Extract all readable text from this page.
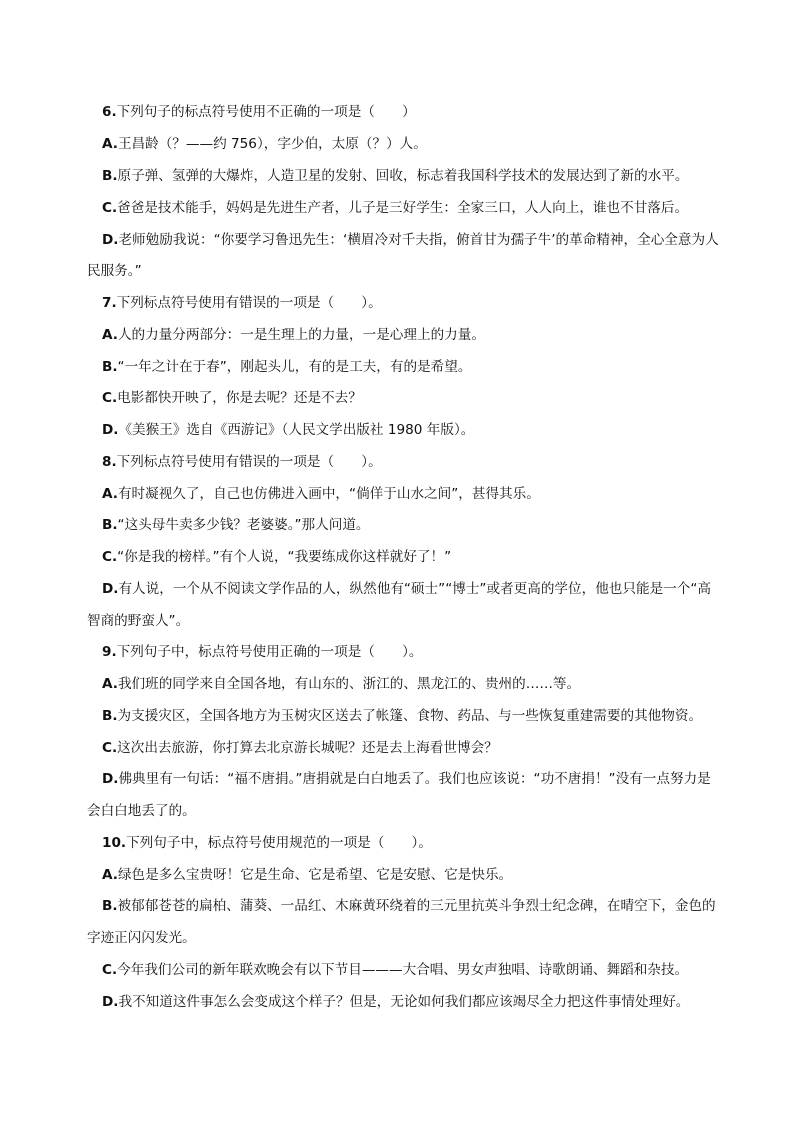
6.下列句子的标点符号使用不正确的一项是（　　）
A.王昌龄（？——约 756），字少伯，太原（？）人。
B.原子弹、氢弹的大爆炸，人造卫星的发射、回收，标志着我国科学技术的发展达到了新的水平。
C.爸爸是技术能手，妈妈是先进生产者，儿子是三好学生：全家三口，人人向上，谁也不甘落后。
D.老师勉励我说：“你要学习鲁迅先生：‘横眉冷对千夫指，俯首甘为孺子牛’的革命精神，全心全意为人
民服务。”
7.下列标点符号使用有错误的一项是（　　）。
A.人的力量分两部分：一是生理上的力量，一是心理上的力量。
B.“一年之计在于春”，刚起头儿，有的是工夫，有的是希望。
C.电影都快开映了，你是去呢？还是不去？
D.《美猴王》选自《西游记》（人民文学出版社 1980 年版）。
8.下列标点符号使用有错误的一项是（　　）。
A.有时凝视久了，自己也仿佛进入画中，“倘佯于山水之间”，甚得其乐。
B.“这头母牛卖多少钱？老婆婆。”那人问道。
C.“你是我的榜样。”有个人说，“我要练成你这样就好了！”
D.有人说，一个从不阅读文学作品的人，纵然他有“硕士”“博士”或者更高的学位，他也只能是一个“高
智商的野蛮人”。
9.下列句子中，标点符号使用正确的一项是（　　）。
A.我们班的同学来自全国各地，有山东的、浙江的、黑龙江的、贵州的……等。
B.为支援灾区，全国各地方为玉树灾区送去了帐篷、食物、药品、与一些恢复重建需要的其他物资。
C.这次出去旅游，你打算去北京游长城呢？还是去上海看世博会？
D.佛典里有一句话：“福不唐捐。”唐捐就是白白地丢了。我们也应该说：“功不唐捐！”没有一点努力是
会白白地丢了的。
10.下列句子中，标点符号使用规范的一项是（　　）。
A.绿色是多么宝贵呀！它是生命、它是希望、它是安慰、它是快乐。
B.被郁郁苍苍的扁柏、蒲葵、一品红、木麻黄环绕着的三元里抗英斗争烈士纪念碑，在晴空下，金色的
字迹正闪闪发光。
C.今年我们公司的新年联欢晚会有以下节目———大合唱、男女声独唱、诗歌朗诵、舞蹈和杂技。
D.我不知道这件事怎么会变成这个样子？但是，无论如何我们都应该竭尽全力把这件事情处理好。
